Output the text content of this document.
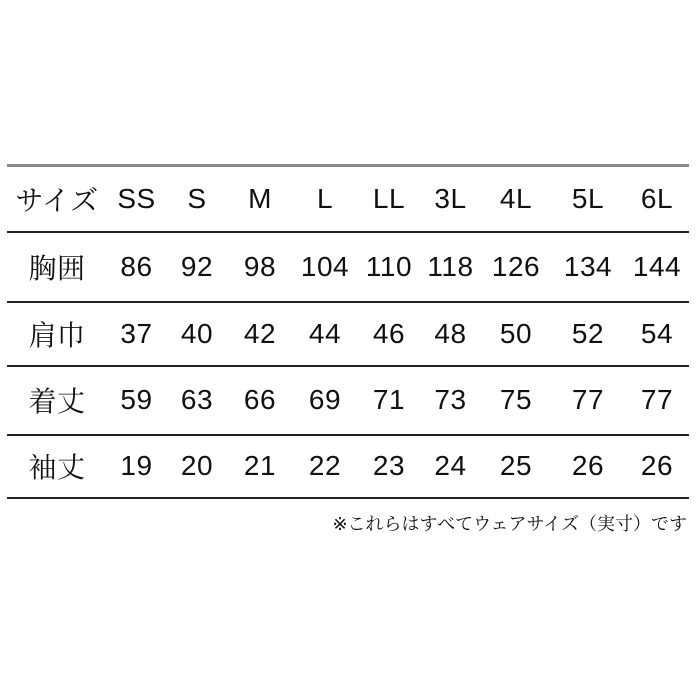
サイズ	SS	S	M	L	LL	3L	4L	5L	6L
胸囲	86	92	98	104	110	118	126	134	144
肩巾	37	40	42	44	46	48	50	52	54
着丈	59	63	66	69	71	73	75	77	77
袖丈	19	20	21	22	23	24	25	26	26
※これらはすべてウェアサイズ（実寸）です
